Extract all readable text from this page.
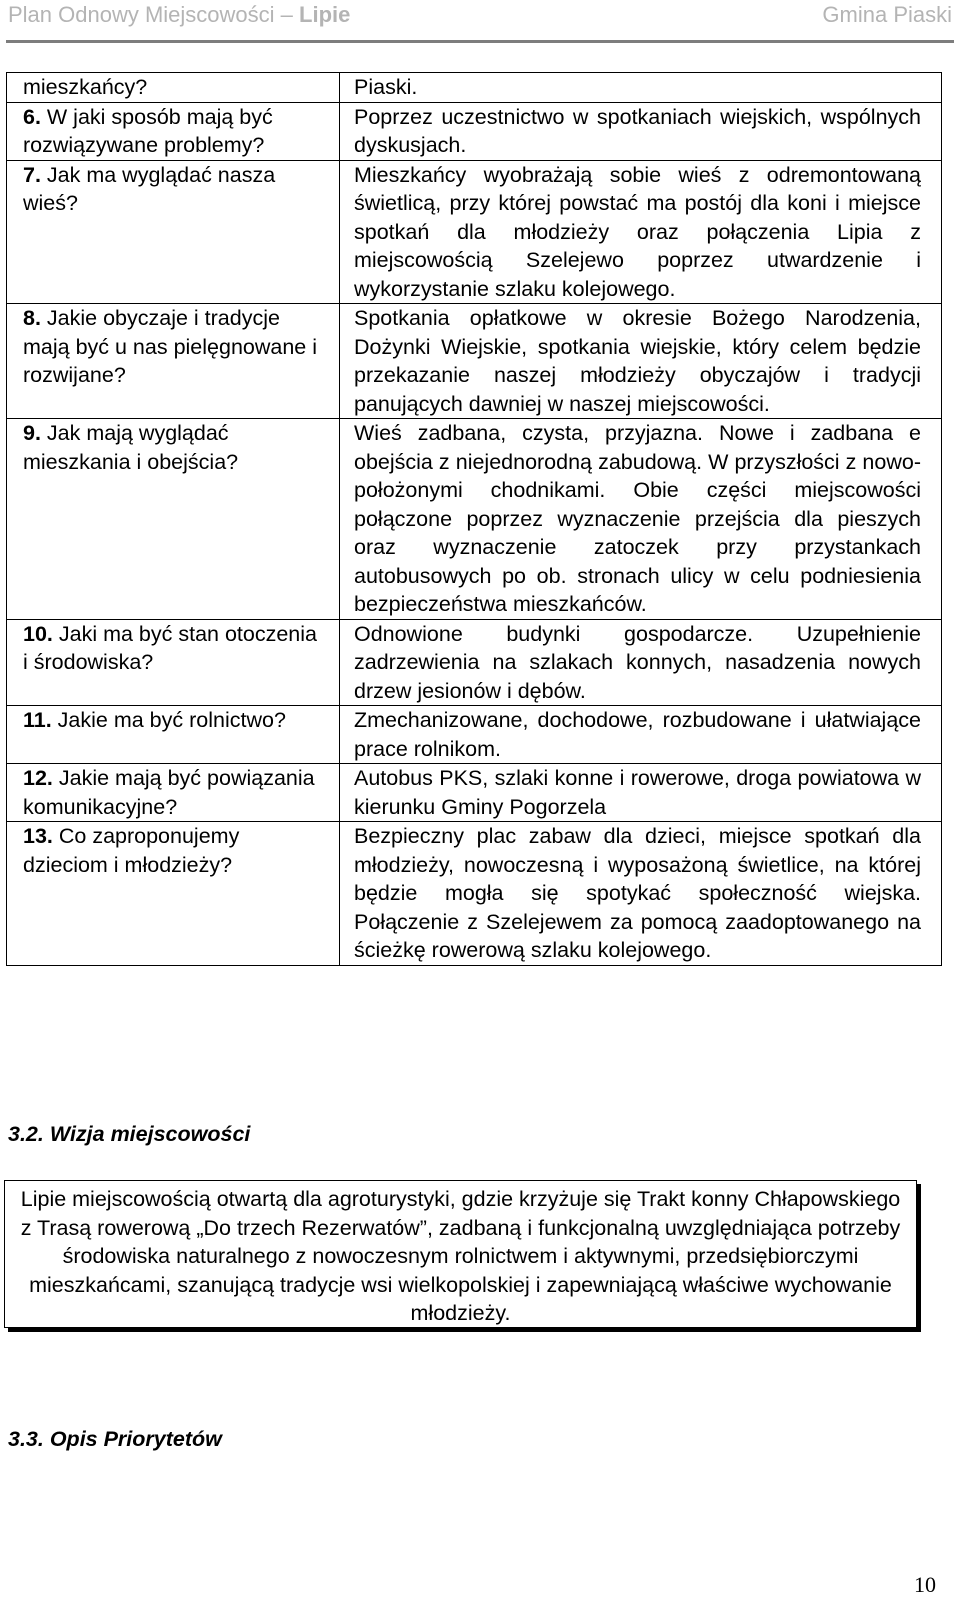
Plan Odnowy Miejscowości – Lipie	Gmina Piaski
mieszkańcy?	Piaski.
6. W jaki sposób mają być rozwiązywane problemy?	Poprzez uczestnictwo w spotkaniach wiejskich, wspólnych dyskusjach.
7. Jak ma wyglądać nasza wieś?	Mieszkańcy wyobrażają sobie wieś z odremontowaną świetlicą, przy której powstać ma postój dla koni i miejsce spotkań dla młodzieży oraz połączenia Lipia z miejscowością Szelejewo poprzez utwardzenie i wykorzystanie szlaku kolejowego.
8. Jakie obyczaje i tradycje mają być u nas pielęgnowane i rozwijane?	Spotkania opłatkowe w okresie Bożego Narodzenia, Dożynki Wiejskie, spotkania wiejskie, który celem będzie przekazanie naszej młodzieży obyczajów i tradycji panujących dawniej w naszej miejscowości.
9. Jak mają wyglądać mieszkania i obejścia?	Wieś zadbana, czysta, przyjazna. Nowe i zadbana e obejścia z niejednorodną zabudową. W przyszłości z nowo-położonymi chodnikami. Obie części miejscowości połączone poprzez wyznaczenie przejścia dla pieszych oraz wyznaczenie zatoczek przy przystankach autobusowych po ob. stronach ulicy w celu podniesienia bezpieczeństwa mieszkańców.
10. Jaki ma być stan otoczenia i środowiska?	Odnowione budynki gospodarcze. Uzupełnienie zadrzewienia na szlakach konnych, nasadzenia nowych drzew jesionów i dębów.
11. Jakie ma być rolnictwo?	Zmechanizowane, dochodowe, rozbudowane i ułatwiające prace rolnikom.
12. Jakie mają być powiązania komunikacyjne?	Autobus PKS, szlaki konne i rowerowe, droga powiatowa w kierunku Gminy Pogorzela
13. Co zaproponujemy dzieciom i młodzieży?	Bezpieczny plac zabaw dla dzieci, miejsce spotkań dla młodzieży, nowoczesną i wyposażoną świetlice, na której będzie mogła się spotykać społeczność wiejska. Połączenie z Szelejewem za pomocą zaadoptowanego na ścieżkę rowerową szlaku kolejowego.
3.2. Wizja miejscowości
Lipie miejscowością otwartą dla agroturystyki, gdzie krzyżuje się Trakt konny Chłapowskiego z Trasą rowerową „Do trzech Rezerwatów”, zadbaną i funkcjonalną uwzględniająca potrzeby środowiska naturalnego z nowoczesnym rolnictwem i aktywnymi, przedsiębiorczymi mieszkańcami, szanującą tradycje wsi wielkopolskiej i zapewniającą właściwe wychowanie młodzieży.
3.3. Opis Priorytetów
10
